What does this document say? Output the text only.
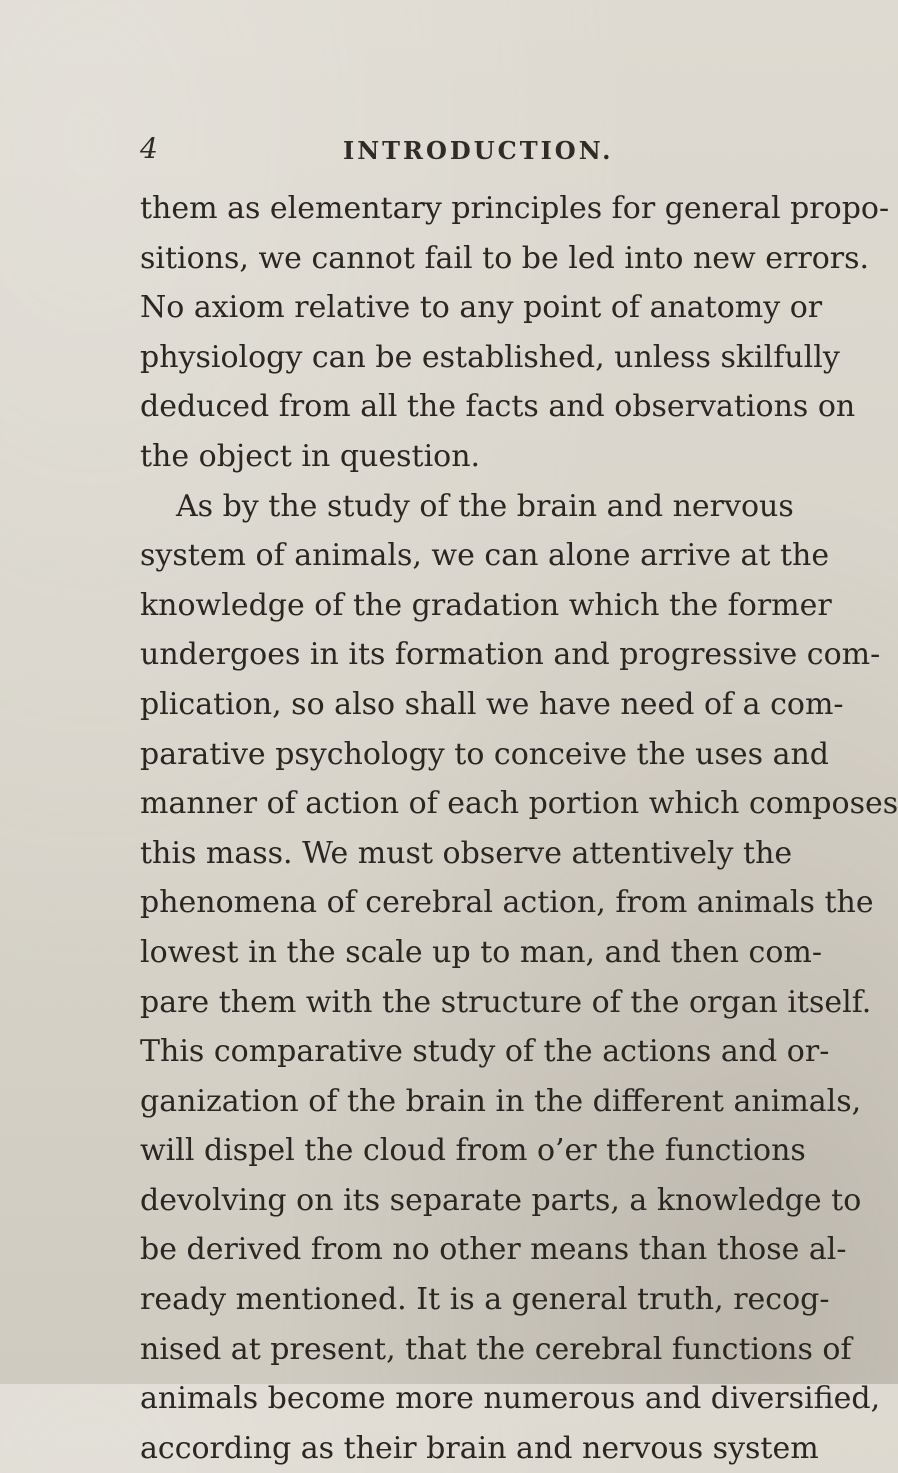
4	INTRODUCTION.
them as elementary principles for general propo-
sitions, we cannot fail to be led into new errors.
No axiom relative to any point of anatomy or
physiology can be established, unless skilfully
deduced from all the facts and observations on
the object in question.
As by the study of the brain and nervous
system of animals, we can alone arrive at the
knowledge of the gradation which the former
undergoes in its formation and progressive com-
plication, so also shall we have need of a com-
parative psychology to conceive the uses and
manner of action of each portion which composes
this mass. We must observe attentively the
phenomena of cerebral action, from animals the
lowest in the scale up to man, and then com-
pare them with the structure of the organ itself.
This comparative study of the actions and or-
ganization of the brain in the different animals,
will dispel the cloud from o’er the functions
devolving on its separate parts, a knowledge to
be derived from no other means than those al-
ready mentioned. It is a general truth, recog-
nised at present, that the cerebral functions of
animals become more numerous and diversified,
according as their brain and nervous system
